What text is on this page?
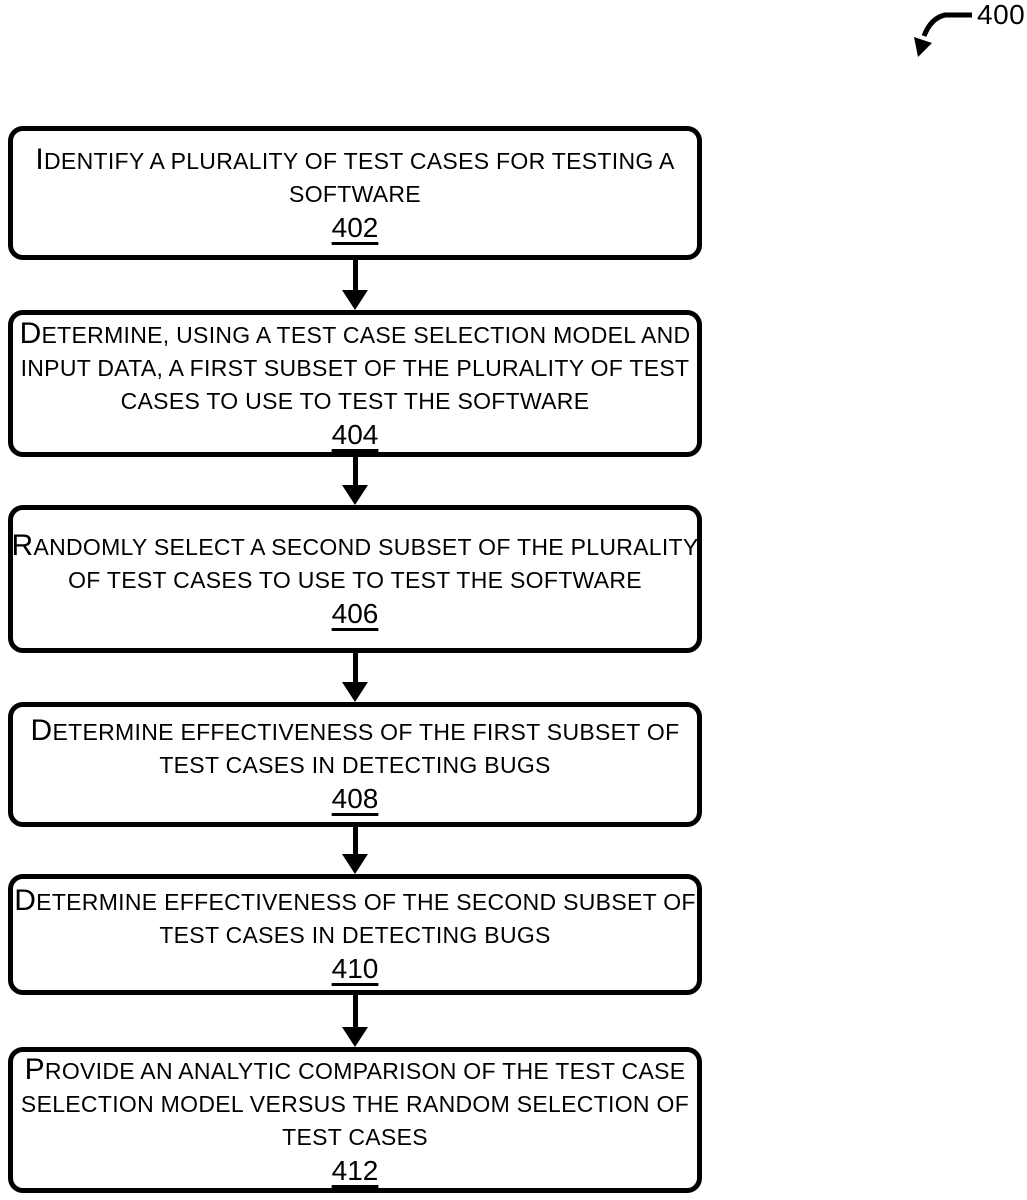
400
IDENTIFY A PLURALITY OF TEST CASES FOR TESTING A
SOFTWARE
402
DETERMINE, USING A TEST CASE SELECTION MODEL AND
INPUT DATA, A FIRST SUBSET OF THE PLURALITY OF TEST
CASES TO USE TO TEST THE SOFTWARE
404
RANDOMLY SELECT A SECOND SUBSET OF THE PLURALITY
OF TEST CASES TO USE TO TEST THE SOFTWARE
406
DETERMINE EFFECTIVENESS OF THE FIRST SUBSET OF
TEST CASES IN DETECTING BUGS
408
DETERMINE EFFECTIVENESS OF THE SECOND SUBSET OF
TEST CASES IN DETECTING BUGS
410
PROVIDE AN ANALYTIC COMPARISON OF THE TEST CASE
SELECTION MODEL VERSUS THE RANDOM SELECTION OF
TEST CASES
412
